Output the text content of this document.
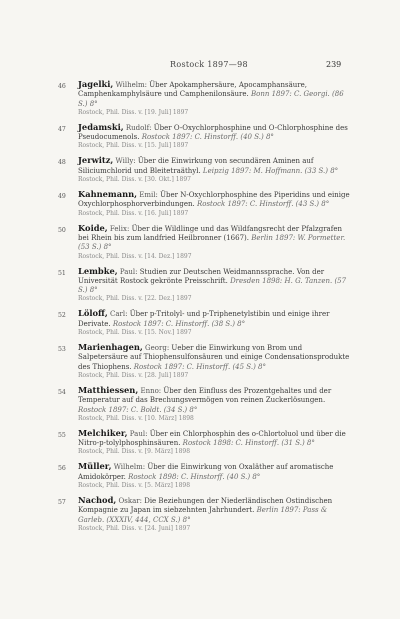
Rostock 1897—98	239
46 Jagelki, Wilhelm: Über Apokamphersäure, Apocamphansäure, Camphenkamphylsäure und Camphenilonsäure. Bonn 1897: C. Georgi. (86 S.) 8°
Rostock, Phil. Diss. v. [19. Juli] 1897
47 Jedamski, Rudolf: Über O-Oxychlorphosphine und O-Chlorphosphine des Pseudocumenols. Rostock 1897: C. Hinstorff. (40 S.) 8°
Rostock, Phil. Diss. v. [15. Juli] 1897
48 Jerwitz, Willy: Über die Einwirkung von secundären Aminen auf Siliciumchlorid und Bleitetraäthyl. Leipzig 1897: M. Hoffmann. (33 S.) 8°
Rostock, Phil. Diss. v. [30. Okt.] 1897
49 Kahnemann, Emil: Über N-Oxychlorphosphine des Piperidins und einige Oxychlorphosphorverbindungen. Rostock 1897: C. Hinstorff. (43 S.) 8°
Rostock, Phil. Diss. v. [16. Juli] 1897
50 Koide, Felix: Über die Wildlinge und das Wildfangsrecht der Pfalzgrafen bei Rhein bis zum landfried Heilbronner (1667). Berlin 1897: W. Pormetter. (53 S.) 8°
Rostock, Phil. Diss. v. [14. Dez.] 1897
51 Lembke, Paul: Studien zur Deutschen Weidmannssprache. Von der Universität Rostock gekrönte Preisschrift. Dresden 1898: H. G. Tanzen. (57 S.) 8°
Rostock, Phil. Diss. v. [22. Dez.] 1897
52 Löloff, Carl: Über p-Tritolyl- und p-Triphenetylstibin und einige ihrer Derivate. Rostock 1897: C. Hinstorff. (38 S.) 8°
Rostock, Phil. Diss. v. [15. Nov.] 1897
53 Marienhagen, Georg: Ueber die Einwirkung von Brom und Salpetersäure auf Thiophensulfonsäuren und einige Condensationsprodukte des Thiophens. Rostock 1897: C. Hinstorff. (45 S.) 8°
Rostock, Phil. Diss. v. [28. Juli] 1897
54 Matthiessen, Enno: Über den Einfluss des Prozentgehaltes und der Temperatur auf das Brechungsvermögen von reinen Zuckerlösungen. Rostock 1897: C. Boldt. (34 S.) 8°
Rostock, Phil. Diss. v. [10. März] 1898
55 Melchiker, Paul: Über ein Chlorphosphin des o-Chlortoluol und über die Nitro-p-tolylphosphinsäuren. Rostock 1898: C. Hinstorff. (31 S.) 8°
Rostock, Phil. Diss. v. [9. März] 1898
56 Müller, Wilhelm: Über die Einwirkung von Oxaläther auf aromatische Amidokörper. Rostock 1898: C. Hinstorff. (40 S.) 8°
Rostock, Phil. Diss. v. [5. März] 1898
57 Nachod, Oskar: Die Beziehungen der Niederländischen Ostindischen Kompagnie zu Japan im siebzehnten Jahrhundert. Berlin 1897: Pass & Garleb. (XXXIV, 444, CCX S.) 8°
Rostock, Phil. Diss. v. [24. Juni] 1897
